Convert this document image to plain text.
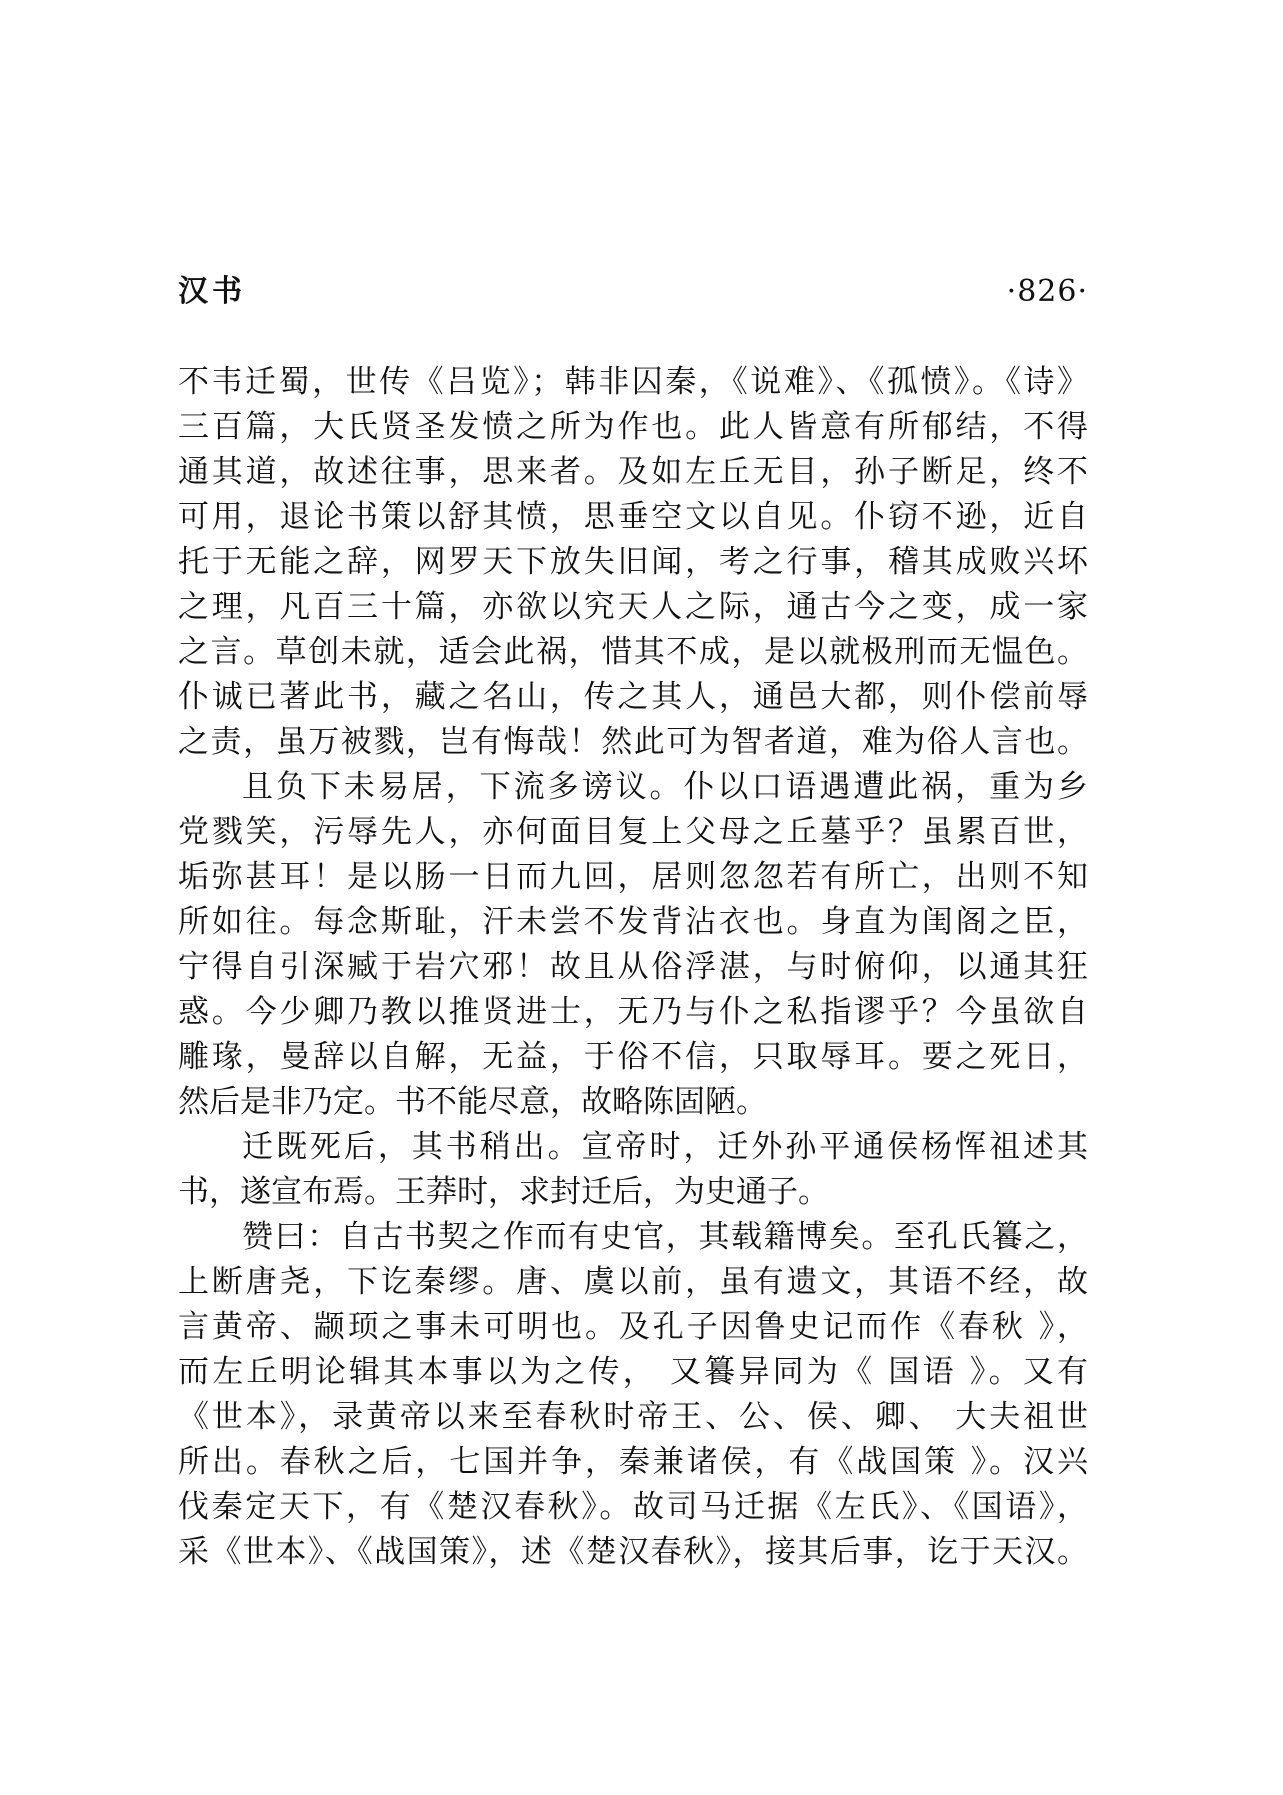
汉书	·826·
不韦迁蜀，世传《吕览》；韩非囚秦，《说难》、《孤愤》。《诗》
三百篇，大氏贤圣发愤之所为作也。此人皆意有所郁结，不得
通其道，故述往事，思来者。及如左丘无目，孙子断足，终不
可用，退论书策以舒其愤，思垂空文以自见。仆窃不逊，近自
托于无能之辞，网罗天下放失旧闻，考之行事，稽其成败兴坏
之理，凡百三十篇，亦欲以究天人之际，通古今之变，成一家
之言。草创未就，适会此祸，惜其不成，是以就极刑而无愠色。
仆诚已著此书，藏之名山，传之其人，通邑大都，则仆偿前辱
之责，虽万被戮，岂有悔哉！然此可为智者道，难为俗人言也。
且负下未易居，下流多谤议。仆以口语遇遭此祸，重为乡
党戮笑，污辱先人，亦何面目复上父母之丘墓乎？虽累百世，
垢弥甚耳！是以肠一日而九回，居则忽忽若有所亡，出则不知
所如往。每念斯耻，汗未尝不发背沾衣也。身直为闺阁之臣，
宁得自引深臧于岩穴邪！故且从俗浮湛，与时俯仰，以通其狂
惑。今少卿乃教以推贤进士，无乃与仆之私指谬乎？今虽欲自
雕瑑，曼辞以自解，无益，于俗不信，只取辱耳。要之死日，
然后是非乃定。书不能尽意，故略陈固陋。
迁既死后，其书稍出。宣帝时，迁外孙平通侯杨恽祖述其
书，遂宣布焉。王莽时，求封迁后，为史通子。
赞曰：自古书契之作而有史官，其载籍博矣。至孔氏籑之，
上断唐尧，下讫秦缪。唐、虞以前，虽有遗文，其语不经，故
言黄帝、颛顼之事未可明也。及孔子因鲁史记而作《春秋 》，
而左丘明论辑其本事以为之传， 又籑异同为《 国语 》。又有
《世本》，录黄帝以来至春秋时帝王、公、侯、卿、 大夫祖世
所出。春秋之后，七国并争，秦兼诸侯，有《战国策 》。汉兴
伐秦定天下，有《楚汉春秋》。故司马迁据《左氏》、《国语》，
采《世本》、《战国策》，述《楚汉春秋》，接其后事，讫于天汉。
